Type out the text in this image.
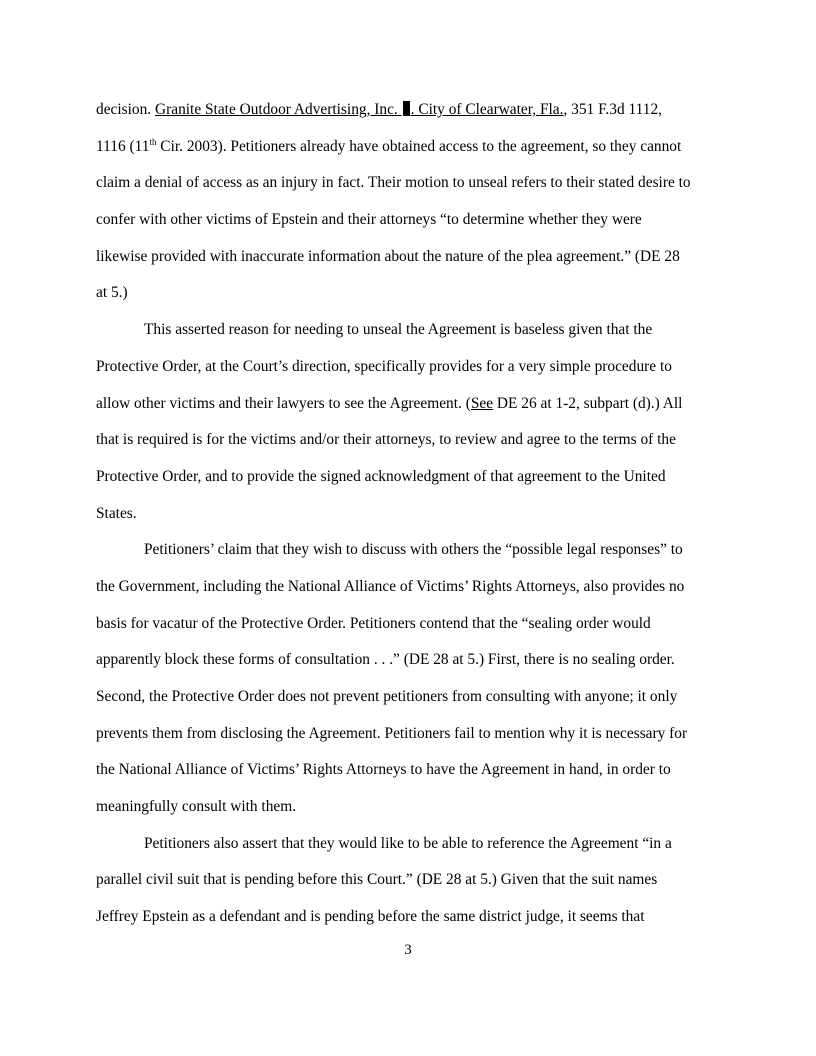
decision. Granite State Outdoor Advertising, Inc. . City of Clearwater, Fla., 351 F.3d 1112,
1116 (11th Cir. 2003). Petitioners already have obtained access to the agreement, so they cannot
claim a denial of access as an injury in fact. Their motion to unseal refers to their stated desire to
confer with other victims of Epstein and their attorneys “to determine whether they were
likewise provided with inaccurate information about the nature of the plea agreement.” (DE 28
at 5.)
This asserted reason for needing to unseal the Agreement is baseless given that the
Protective Order, at the Court’s direction, specifically provides for a very simple procedure to
allow other victims and their lawyers to see the Agreement. (See DE 26 at 1-2, subpart (d).) All
that is required is for the victims and/or their attorneys, to review and agree to the terms of the
Protective Order, and to provide the signed acknowledgment of that agreement to the United
States.
Petitioners’ claim that they wish to discuss with others the “possible legal responses” to
the Government, including the National Alliance of Victims’ Rights Attorneys, also provides no
basis for vacatur of the Protective Order. Petitioners contend that the “sealing order would
apparently block these forms of consultation . . .” (DE 28 at 5.) First, there is no sealing order.
Second, the Protective Order does not prevent petitioners from consulting with anyone; it only
prevents them from disclosing the Agreement. Petitioners fail to mention why it is necessary for
the National Alliance of Victims’ Rights Attorneys to have the Agreement in hand, in order to
meaningfully consult with them.
Petitioners also assert that they would like to be able to reference the Agreement “in a
parallel civil suit that is pending before this Court.” (DE 28 at 5.) Given that the suit names
Jeffrey Epstein as a defendant and is pending before the same district judge, it seems that
3
